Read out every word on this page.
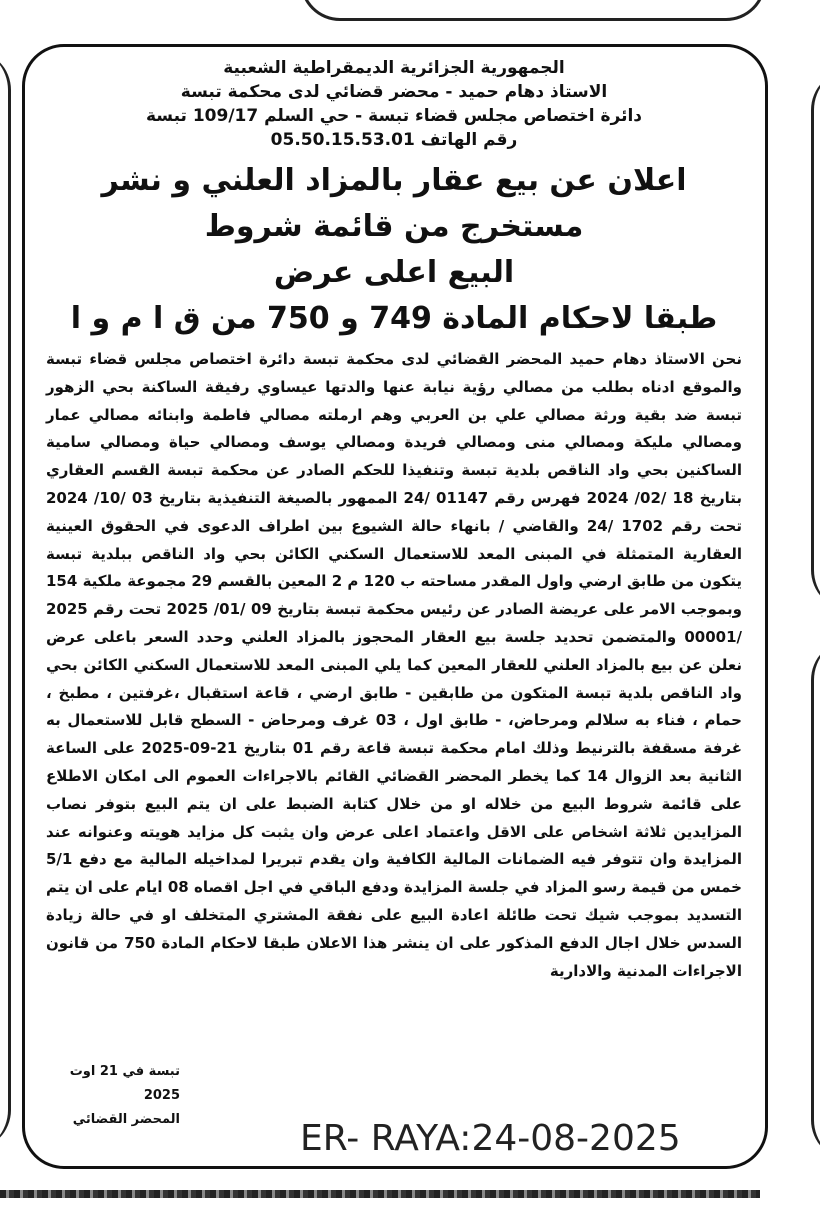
الجمهورية الجزائرية الديمقراطية الشعبية

الاستاذ دهام حميد - محضر قضائي لدى محكمة تبسة

دائرة اختصاص مجلس قضاء تبسة - حي السلم 109/17 تبسة

رقم الهاتف 05.50.15.53.01

اعلان عن بيع عقار بالمزاد العلني و نشر مستخرج من قائمة شروط

البيع اعلى عرض

طبقا لاحكام المادة 749 و 750 من ق ا م و ا

نحن الاستاذ دهام حميد المحضر القضائي لدى محكمة تبسة دائرة اختصاص مجلس قضاء تبسة والموقع ادناه بطلب من مصالي رؤية نيابة عنها والدتها عيساوي رفيقة الساكنة بحي الزهور تبسة ضد بقية ورثة مصالي علي بن العربي وهم ارملته مصالي فاطمة وابنائه مصالي عمار ومصالي مليكة ومصالي منى ومصالي فريدة ومصالي يوسف ومصالي حياة ومصالي سامية الساكنين بحي واد الناقص بلدية تبسة وتنفيذا للحكم الصادر عن محكمة تبسة القسم العقاري بتاريخ 18 /02/ 2024 فهرس رقم 01147 /24 الممهور بالصيغة التنفيذية بتاريخ 03 /10/ 2024 تحت رقم 1702 /24 والقاضي / بانهاء حالة الشيوع بين اطراف الدعوى في الحقوق العينية العقارية المتمثلة في المبنى المعد للاستعمال السكني الكائن بحي واد الناقص ببلدية تبسة يتكون من طابق ارضي واول المقدر مساحته ب 120 م 2 المعين بالقسم 29 مجموعة ملكية 154 وبموجب الامر على عريضة الصادر عن رئيس محكمة تبسة بتاريخ 09 /01/ 2025 تحت رقم 2025 /00001 والمتضمن تحديد جلسة بيع العقار المحجوز بالمزاد العلني وحدد السعر باعلى عرض نعلن عن بيع بالمزاد العلني للعقار المعين كما يلي المبنى المعد للاستعمال السكني الكائن بحي واد الناقص بلدية تبسة المتكون من طابقين - طابق ارضي ، قاعة استقبال ،غرفتين ، مطبخ ، حمام ، فناء به سلالم ومرحاض، - طابق اول ، 03 غرف ومرحاض - السطح قابل للاستعمال به غرفة مسقفة بالترنيط وذلك امام محكمة تبسة قاعة رقم 01 بتاريخ 21-09-2025 على الساعة الثانية بعد الزوال 14 كما يخطر المحضر القضائي القائم بالاجراءات العموم الى امكان الاطلاع على قائمة شروط البيع من خلاله او من خلال كتابة الضبط على ان يتم البيع بتوفر نصاب المزايدين ثلاثة اشخاص على الاقل واعتماد اعلى عرض وان يثبت كل مزايد هويته وعنوانه عند المزايدة وان تتوفر فيه الضمانات المالية الكافية وان يقدم تبريرا لمداخيله المالية مع دفع 5/1 خمس من قيمة رسو المزاد في جلسة المزايدة ودفع الباقي في اجل اقصاه 08 ايام على ان يتم التسديد بموجب شيك تحت طائلة اعادة البيع على نفقة المشتري المتخلف او في حالة زيادة السدس خلال اجال الدفع المذكور على ان ينشر هذا الاعلان طبقا لاحكام المادة 750 من قانون الاجراءات المدنية والادارية

تبسة في 21 اوت 2025
المحضر القضائي	ER- RAYA:24-08-2025
